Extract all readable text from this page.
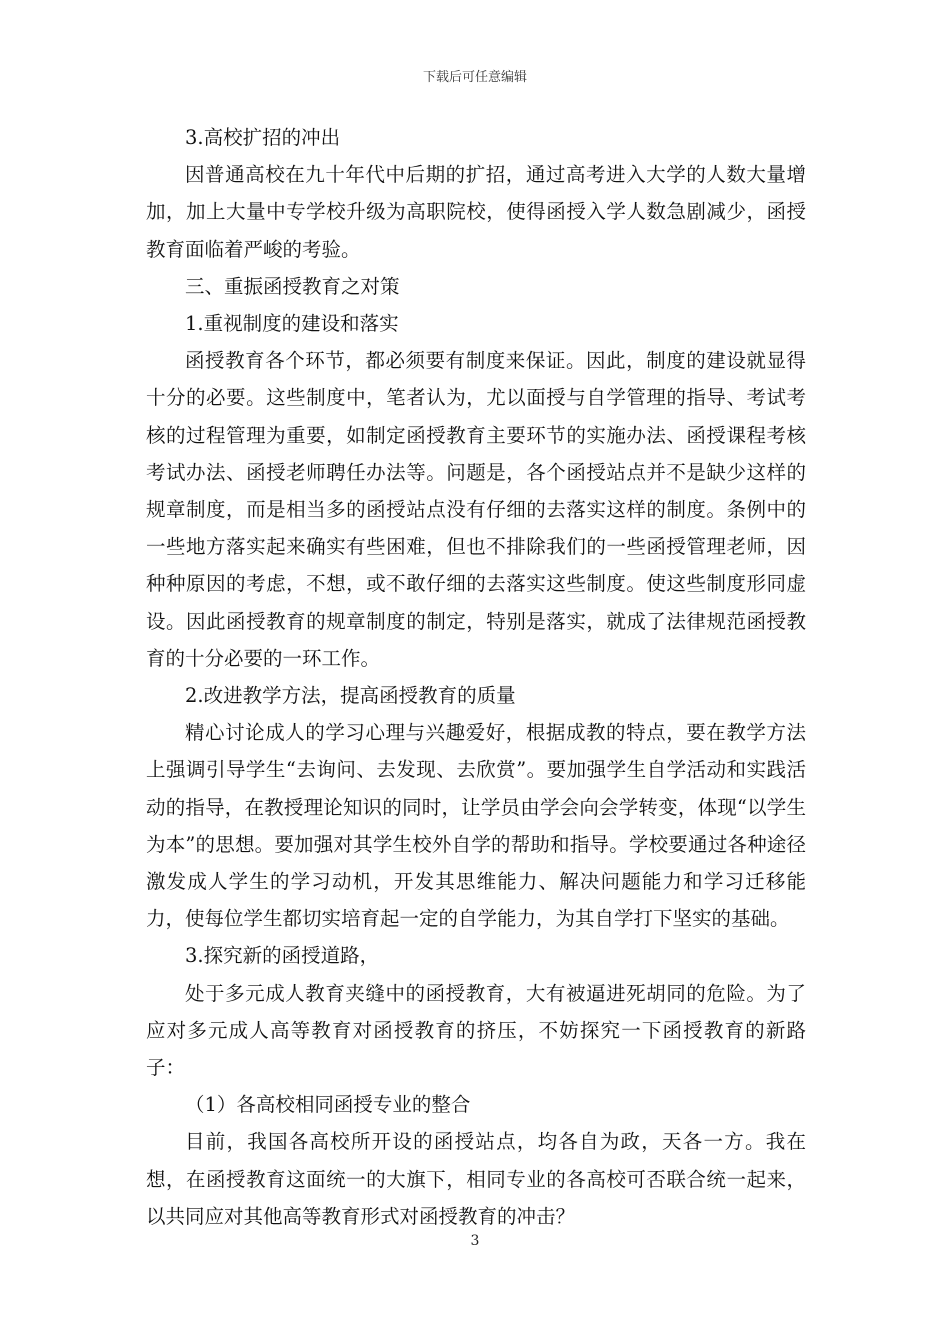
下载后可任意编辑

3.高校扩招的冲出

因普通高校在九十年代中后期的扩招，通过高考进入大学的人数大量增加，加上大量中专学校升级为高职院校，使得函授入学人数急剧减少，函授教育面临着严峻的考验。

三、重振函授教育之对策

1.重视制度的建设和落实

函授教育各个环节，都必须要有制度来保证。因此，制度的建设就显得十分的必要。这些制度中，笔者认为，尤以面授与自学管理的指导、考试考核的过程管理为重要，如制定函授教育主要环节的实施办法、函授课程考核考试办法、函授老师聘任办法等。问题是，各个函授站点并不是缺少这样的规章制度，而是相当多的函授站点没有仔细的去落实这样的制度。条例中的一些地方落实起来确实有些困难，但也不排除我们的一些函授管理老师，因种种原因的考虑，不想，或不敢仔细的去落实这些制度。使这些制度形同虚设。因此函授教育的规章制度的制定，特别是落实，就成了法律规范函授教育的十分必要的一环工作。

2.改进教学方法，提高函授教育的质量

精心讨论成人的学习心理与兴趣爱好，根据成教的特点，要在教学方法上强调引导学生“去询问、去发现、去欣赏”。要加强学生自学活动和实践活动的指导，在教授理论知识的同时，让学员由学会向会学转变，体现“以学生为本”的思想。要加强对其学生校外自学的帮助和指导。学校要通过各种途径激发成人学生的学习动机，开发其思维能力、解决问题能力和学习迁移能力，使每位学生都切实培育起一定的自学能力，为其自学打下坚实的基础。

3.探究新的函授道路，

处于多元成人教育夹缝中的函授教育，大有被逼进死胡同的危险。为了应对多元成人高等教育对函授教育的挤压，不妨探究一下函授教育的新路子：

（1）各高校相同函授专业的整合

目前，我国各高校所开设的函授站点，均各自为政，天各一方。我在想，在函授教育这面统一的大旗下，相同专业的各高校可否联合统一起来，以共同应对其他高等教育形式对函授教育的冲击？

3
